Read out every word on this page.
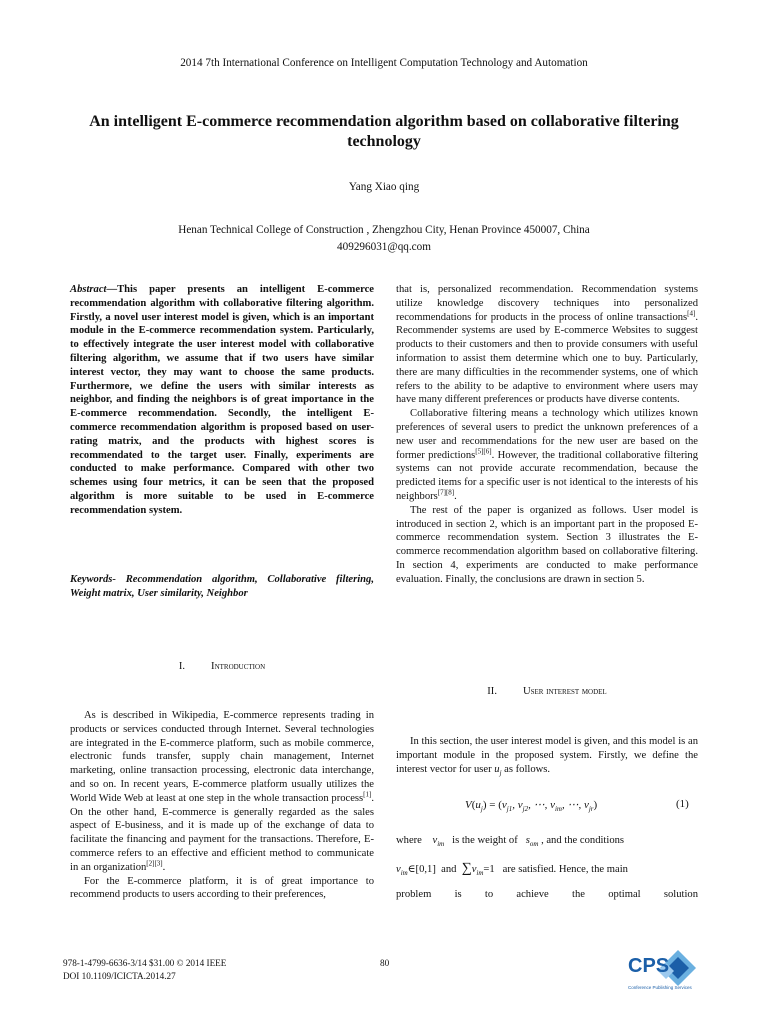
2014 7th International Conference on Intelligent Computation Technology and Automation
An intelligent E-commerce recommendation algorithm based on collaborative filtering technology
Yang Xiao qing
Henan Technical College of Construction , Zhengzhou City, Henan Province 450007, China
409296031@qq.com
Abstract—This paper presents an intelligent E-commerce recommendation algorithm with collaborative filtering algorithm. Firstly, a novel user interest model is given, which is an important module in the E-commerce recommendation system. Particularly, to effectively integrate the user interest model with collaborative filtering algorithm, we assume that if two users have similar interest vector, they may want to choose the same products. Furthermore, we define the users with similar interests as neighbor, and finding the neighbors is of great importance in the E-commerce recommendation. Secondly, the intelligent E-commerce recommendation algorithm is proposed based on user-rating matrix, and the products with highest scores is recommendated to the target user. Finally, experiments are conducted to make performance. Compared with other two schemes using four metrics, it can be seen that the proposed algorithm is more suitable to be used in E-commerce recommendation system.
Keywords- Recommendation algorithm, Collaborative filtering, Weight matrix, User similarity, Neighbor
I. Introduction

As is described in Wikipedia, E-commerce represents trading in products or services conducted through Internet. Several technologies are integrated in the E-commerce platform, such as mobile commerce, electronic funds transfer, supply chain management, Internet marketing, online transaction processing, electronic data interchange, and so on. In recent years, E-commerce platform usually utilizes the World Wide Web at least at one step in the whole transaction process[1]. On the other hand, E-commerce is generally regarded as the sales aspect of E-business, and it is made up of the exchange of data to facilitate the financing and payment for the transactions. Therefore, E-commerce refers to an effective and efficient method to communicate in an organization[2][3].

For the E-commerce platform, it is of great importance to recommend products to users according to their preferences,

that is, personalized recommendation. Recommendation systems utilize knowledge discovery techniques into personalized recommendations for products in the process of online transactions[4]. Recommender systems are used by E-commerce Websites to suggest products to their customers and then to provide consumers with useful information to assist them determine which one to buy. Particularly, there are many difficulties in the recommender systems, one of which refers to the ability to be adaptive to environment where users may have many different preferences or products have diverse contents.

Collaborative filtering means a technology which utilizes known preferences of several users to predict the unknown preferences of a new user and recommendations for the new user are based on the former predictions[5][6]. However, the traditional collaborative filtering systems can not provide accurate recommendation, because the predicted items for a specific user is not identical to the interests of his neighbors[7][8].

The rest of the paper is organized as follows. User model is introduced in section 2, which is an important part in the proposed E-commerce recommendation system. Section 3 illustrates the E-commerce recommendation algorithm based on collaborative filtering. In section 4, experiments are conducted to make performance evaluation. Finally, the conclusions are drawn in section 5.

II. User interest model

In this section, the user interest model is given, and this model is an important module in the proposed system. Firstly, we define the interest vector for user $u_j$ as follows.

$V(u_j) = (v_{j1}$, $v_{j2}$, ⋯, $v_{im}$, ⋯, $v_{jr}$)	(1)
where $v_{im}$ is the weight of $s_{om}$ , and the conditions
$v_{im}\in[0,1]$ and $\sum v_{im}=1$   are satisfied. Hence, the main
problem is to achieve the optimal solution
978-1-4799-6636-3/14 $31.00 © 2014 IEEE
DOI 10.1109/ICICTA.2014.27
80	CPS
Conference Publishing Services
